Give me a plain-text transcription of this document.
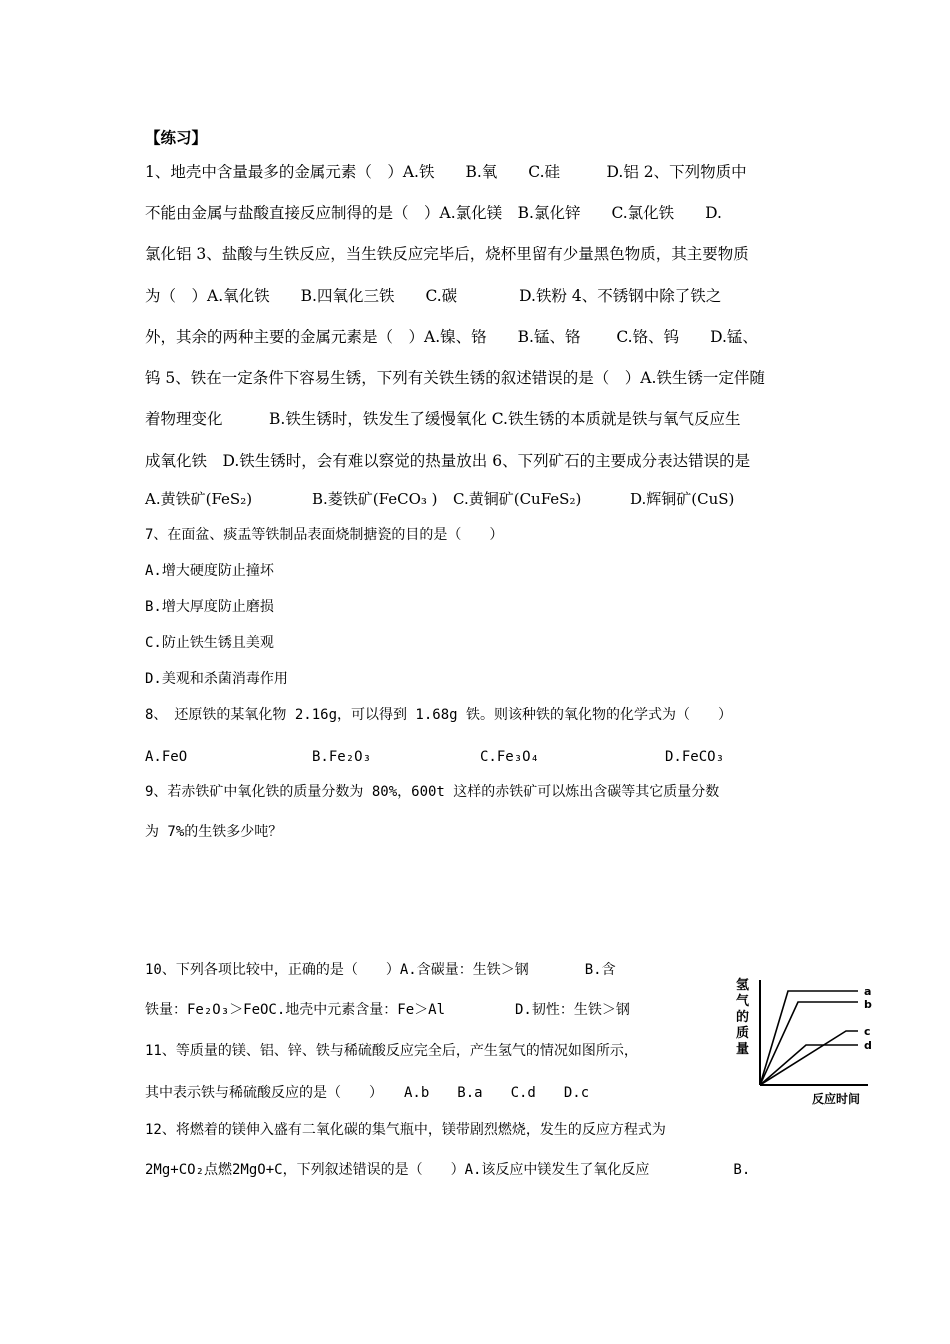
【练习】
1、地壳中含量最多的金属元素（　）A.铁　　B.氧　　C.硅　　　D.铝 2、下列物质中
不能由金属与盐酸直接反应制得的是（　）A.氯化镁　B.氯化锌　　C.氯化铁　　D.
氯化铝 3、盐酸与生铁反应，当生铁反应完毕后，烧杯里留有少量黑色物质，其主要物质
为（　）A.氧化铁　　B.四氧化三铁　　C.碳　　　　D.铁粉 4、不锈钢中除了铁之
外，其余的两种主要的金属元素是（　）A.镍、铬　　B.锰、铬　　 C.铬、钨　　D.锰、
钨 5、铁在一定条件下容易生锈，下列有关铁生锈的叙述错误的是（　）A.铁生锈一定伴随
着物理变化　　　B.铁生锈时，铁发生了缓慢氧化 C.铁生锈的本质就是铁与氧气反应生
成氧化铁　D.铁生锈时，会有难以察觉的热量放出 6、下列矿石的主要成分表达错误的是
A.黄铁矿(FeS₂)	B.菱铁矿(FeCO₃ ) C.黄铜矿(CuFeS₂)	D.辉铜矿(CuS)
7、在面盆、痰盂等铁制品表面烧制搪瓷的目的是（　　）
A.增大硬度防止撞坏
B.增大厚度防止磨损
C.防止铁生锈且美观
D.美观和杀菌消毒作用
8、　还原铁的某氧化物 2.16g，可以得到 1.68g 铁。则该种铁的氧化物的化学式为（　　）
A.FeO	B.Fe₂O₃	C.Fe₃O₄	D.FeCO₃
9、若赤铁矿中氧化铁的质量分数为 80%，600t 这样的赤铁矿可以炼出含碳等其它质量分数
为 7%的生铁多少吨？
10、下列各项比较中，正确的是（　　）A.含碳量：生铁＞钢　　　　B.含
铁量：Fe₂O₃＞FeOC.地壳中元素含量：Fe＞Al　　　　　D.韧性：生铁＞钢
11、等质量的镁、铝、锌、铁与稀硫酸反应完全后，产生氢气的情况如图所示，
其中表示铁与稀硫酸反应的是（　　）　　A.b　　B.a　　C.d　　D.c
12、将燃着的镁伸入盛有二氧化碳的集气瓶中，镁带剧烈燃烧，发生的反应方程式为
2Mg+CO₂点燃2MgO+C，下列叙述错误的是（　　）A.该反应中镁发生了氧化反应　　　　　　B.
氢
气
的
质
量
a
b
c
d
反应时间
